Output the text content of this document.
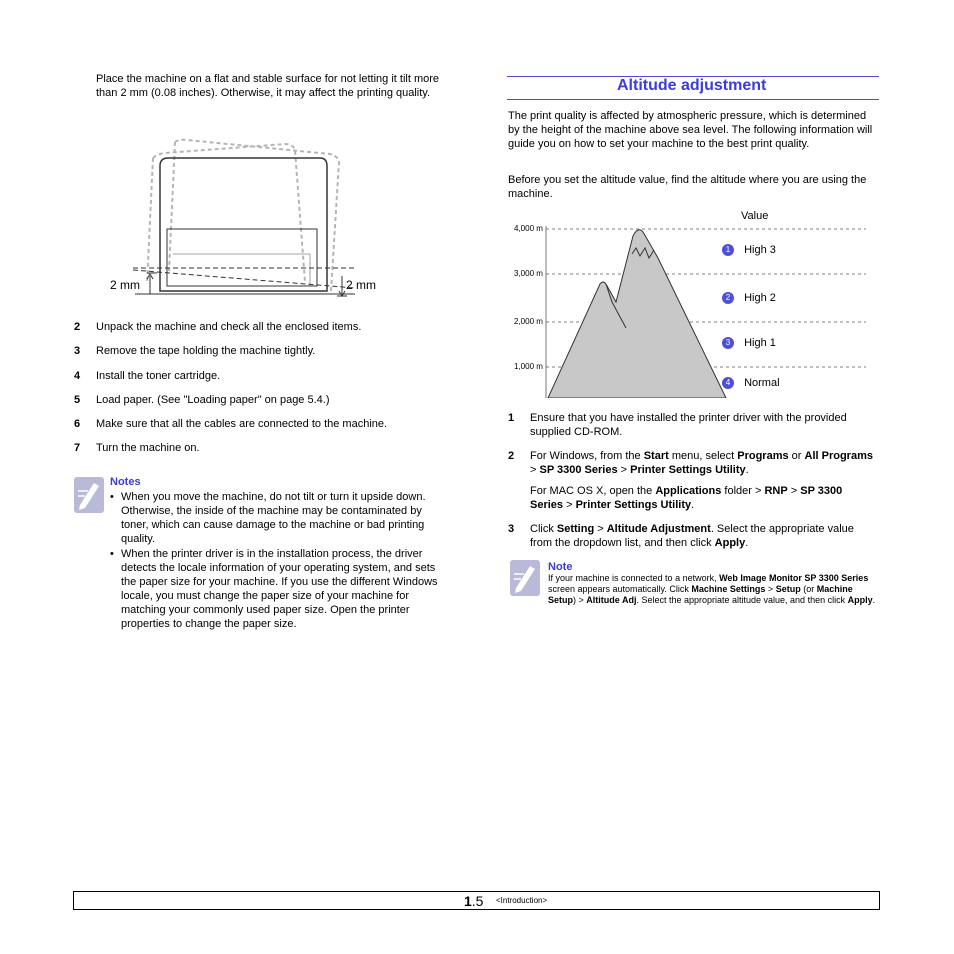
Place the machine on a flat and stable surface for not letting it tilt more than 2 mm (0.08 inches). Otherwise, it may affect the printing quality.

2 mm	2 mm
2 Unpack the machine and check all the enclosed items.
3 Remove the tape holding the machine tightly.
4 Install the toner cartridge.
5 Load paper. (See "Loading paper" on page 5.4.)
6 Make sure that all the cables are connected to the machine.
7 Turn the machine on.
Notes
• When you move the machine, do not tilt or turn it upside down. Otherwise, the inside of the machine may be contaminated by toner, which can cause damage to the machine or bad printing quality.
• When the printer driver is in the installation process, the driver detects the locale information of your operating system, and sets the paper size for your machine. If you use the different Windows locale, you must change the paper size of your machine for matching your commonly used paper size. Open the printer properties to change the paper size.
Altitude adjustment

The print quality is affected by atmospheric pressure, which is determined by the height of the machine above sea level. The following information will guide you on how to set your machine to the best print quality.

Before you set the altitude value, find the altitude where you are using the machine.

Value
4,000 m
3,000 m
2,000 m
1,000 m
1 High 3
2 High 2
3 High 1
4 Normal
1 Ensure that you have installed the printer driver with the provided supplied CD-ROM.
2 For Windows, from the Start menu, select Programs or All Programs > SP 3300 Series > Printer Settings Utility.
For MAC OS X, open the Applications folder > RNP > SP 3300 Series > Printer Settings Utility.
3 Click Setting > Altitude Adjustment. Select the appropriate value from the dropdown list, and then click Apply.
Note

If your machine is connected to a network, Web Image Monitor SP 3300 Series screen appears automatically. Click Machine Settings > Setup (or Machine Setup) > Altitude Adj. Select the appropriate altitude value, and then click Apply.

1.5 <Introduction>
